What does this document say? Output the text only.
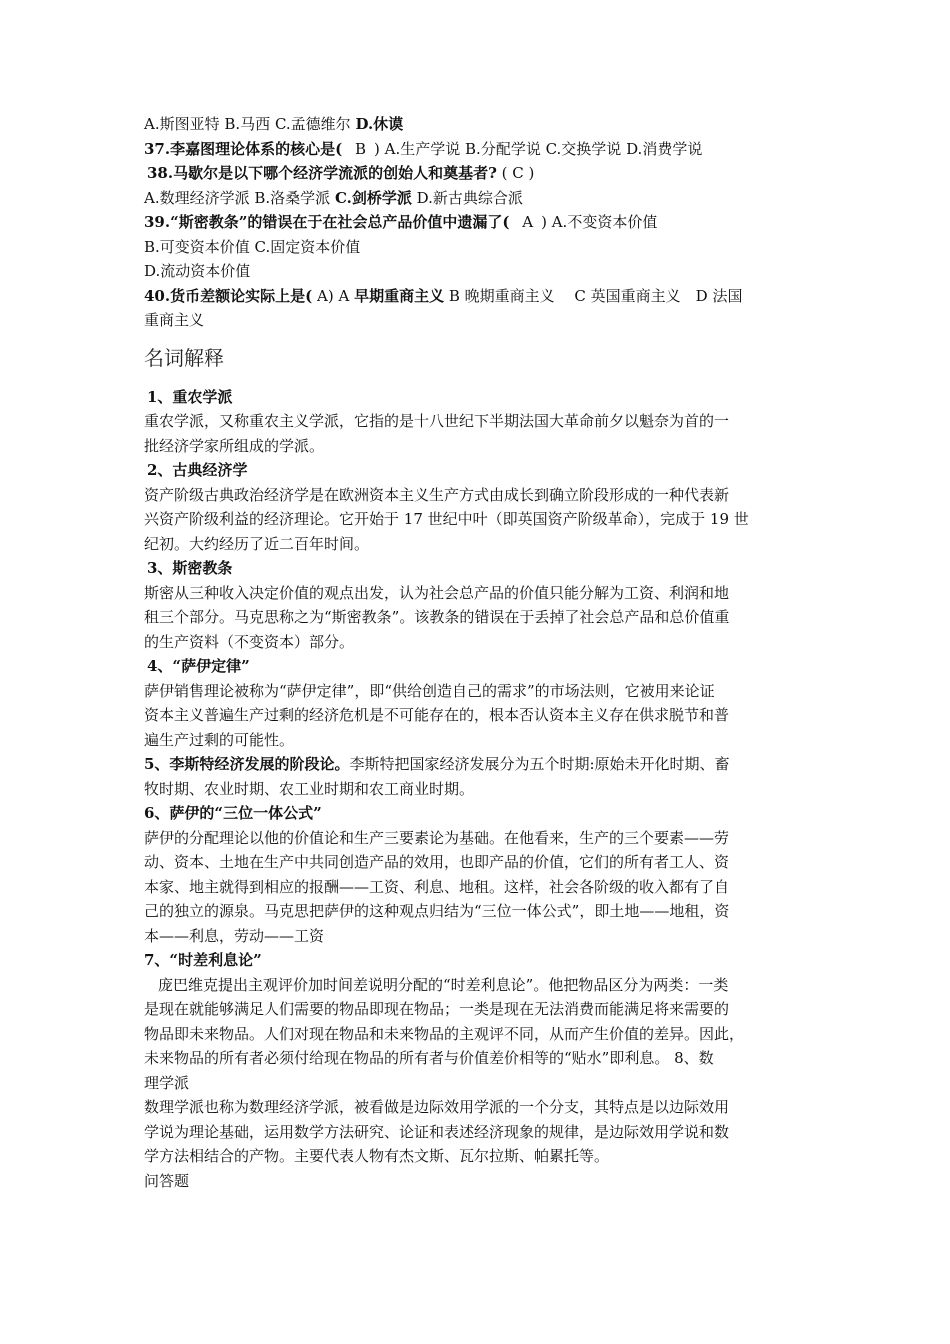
A.斯图亚特 B.马西 C.孟德维尔 D.休谟
37.李嘉图理论体系的核心是( B ) A.生产学说 B.分配学说 C.交换学说 D.消费学说
38.马歇尔是以下哪个经济学流派的创始人和奠基者? ( C )
A.数理经济学派 B.洛桑学派 C.剑桥学派 D.新古典综合派
39.“斯密教条”的错误在于在社会总产品价值中遗漏了( A ) A.不变资本价值
B.可变资本价值 C.固定资本价值
D.流动资本价值
40.货币差额论实际上是( A) A 早期重商主义 B 晚期重商主义　 C 英国重商主义　D 法国
重商主义
名词解释
1、重农学派
重农学派，又称重农主义学派，它指的是十八世纪下半期法国大革命前夕以魁奈为首的一
批经济学家所组成的学派。
2、古典经济学
资产阶级古典政治经济学是在欧洲资本主义生产方式由成长到确立阶段形成的一种代表新
兴资产阶级利益的经济理论。它开始于 17 世纪中叶（即英国资产阶级革命），完成于 19 世
纪初。大约经历了近二百年时间。
3、斯密教条
斯密从三种收入决定价值的观点出发，认为社会总产品的价值只能分解为工资、利润和地
租三个部分。马克思称之为“斯密教条”。该教条的错误在于丢掉了社会总产品和总价值重
的生产资料（不变资本）部分。
4、“萨伊定律”
萨伊销售理论被称为“萨伊定律”，即“供给创造自己的需求”的市场法则，它被用来论证
资本主义普遍生产过剩的经济危机是不可能存在的，根本否认资本主义存在供求脱节和普
遍生产过剩的可能性。
5、李斯特经济发展的阶段论。李斯特把国家经济发展分为五个时期:原始未开化时期、畜
牧时期、农业时期、农工业时期和农工商业时期。
6、萨伊的“三位一体公式”
萨伊的分配理论以他的价值论和生产三要素论为基础。在他看来，生产的三个要素——劳
动、资本、土地在生产中共同创造产品的效用，也即产品的价值，它们的所有者工人、资
本家、地主就得到相应的报酬——工资、利息、地租。这样，社会各阶级的收入都有了自
己的独立的源泉。马克思把萨伊的这种观点归结为“三位一体公式”，即土地——地租，资
本——利息，劳动——工资
7、“时差利息论”
庞巴维克提出主观评价加时间差说明分配的“时差利息论”。他把物品区分为两类：一类
是现在就能够满足人们需要的物品即现在物品；一类是现在无法消费而能满足将来需要的
物品即未来物品。人们对现在物品和未来物品的主观评不同，从而产生价值的差异。因此，
未来物品的所有者必须付给现在物品的所有者与价值差价相等的“贴水”即利息。 8、数
理学派
数理学派也称为数理经济学派，被看做是边际效用学派的一个分支，其特点是以边际效用
学说为理论基础，运用数学方法研究、论证和表述经济现象的规律，是边际效用学说和数
学方法相结合的产物。主要代表人物有杰文斯、瓦尔拉斯、帕累托等。
问答题
